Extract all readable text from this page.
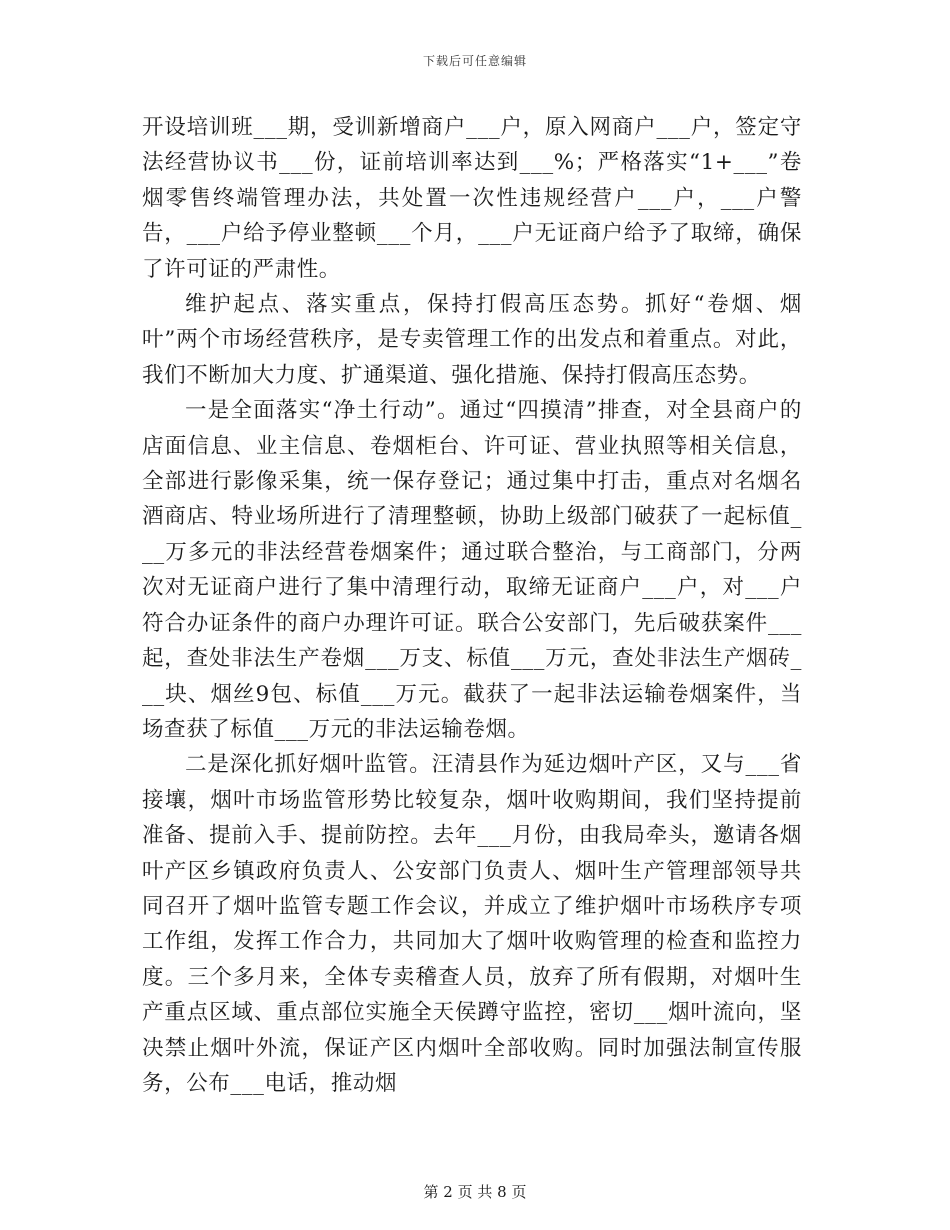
下载后可任意编辑

开设培训班___期，受训新增商户___户，原入网商户___户，签定守法经营协议书___份，证前培训率达到___%；严格落实“1+___”卷烟零售终端管理办法，共处置一次性违规经营户___户，___户警告，___户给予停业整顿___个月，___户无证商户给予了取缔，确保了许可证的严肃性。

维护起点、落实重点，保持打假高压态势。抓好“卷烟、烟叶”两个市场经营秩序，是专卖管理工作的出发点和着重点。对此，我们不断加大力度、扩通渠道、强化措施、保持打假高压态势。

一是全面落实“净土行动”。通过“四摸清”排查，对全县商户的店面信息、业主信息、卷烟柜台、许可证、营业执照等相关信息，全部进行影像采集，统一保存登记；通过集中打击，重点对名烟名酒商店、特业场所进行了清理整顿，协助上级部门破获了一起标值___万多元的非法经营卷烟案件；通过联合整治，与工商部门，分两次对无证商户进行了集中清理行动，取缔无证商户___户，对___户符合办证条件的商户办理许可证。联合公安部门，先后破获案件___起，查处非法生产卷烟___万支、标值___万元，查处非法生产烟砖___块、烟丝9包、标值___万元。截获了一起非法运输卷烟案件，当场查获了标值___万元的非法运输卷烟。

二是深化抓好烟叶监管。汪清县作为延边烟叶产区，又与___省接壤，烟叶市场监管形势比较复杂，烟叶收购期间，我们坚持提前准备、提前入手、提前防控。去年___月份，由我局牵头，邀请各烟叶产区乡镇政府负责人、公安部门负责人、烟叶生产管理部领导共同召开了烟叶监管专题工作会议，并成立了维护烟叶市场秩序专项工作组，发挥工作合力，共同加大了烟叶收购管理的检查和监控力度。三个多月来，全体专卖稽查人员，放弃了所有假期，对烟叶生产重点区域、重点部位实施全天侯蹲守监控，密切___烟叶流向，坚决禁止烟叶外流，保证产区内烟叶全部收购。同时加强法制宣传服务，公布___电话，推动烟

第 2 页 共 8 页
